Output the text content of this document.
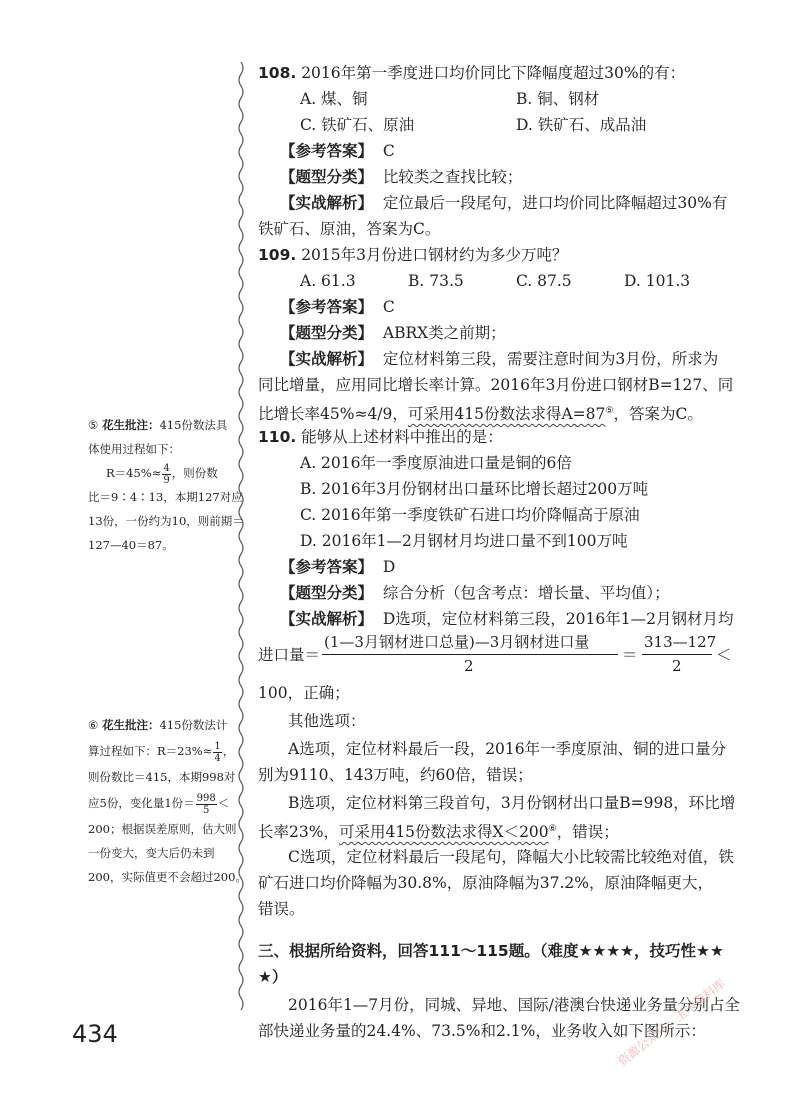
108. 2016年第一季度进口均价同比下降幅度超过30%的有：
A. 煤、铜	B. 铜、钢材
C. 铁矿石、原油	D. 铁矿石、成品油
【参考答案】 C
【题型分类】 比较类之查找比较；
【实战解析】 定位最后一段尾句，进口均价同比降幅超过30%有
铁矿石、原油，答案为C。
109. 2015年3月份进口钢材约为多少万吨？
A. 61.3	B. 73.5	C. 87.5	D. 101.3
【参考答案】 C
【题型分类】 ABRX类之前期；
【实战解析】 定位材料第三段，需要注意时间为3月份，所求为
同比增量，应用同比增长率计算。2016年3月份进口钢材B=127、同
比增长率45%≈4/9，可采用415份数法求得A=87⑤，答案为C。
110. 能够从上述材料中推出的是：
A. 2016年一季度原油进口量是铜的6倍
B. 2016年3月份钢材出口量环比增长超过200万吨
C. 2016年第一季度铁矿石进口均价降幅高于原油
D. 2016年1—2月钢材月均进口量不到100万吨
【参考答案】 D
【题型分类】 综合分析（包含考点：增长量、平均值）；
【实战解析】 D选项，定位材料第三段，2016年1—2月钢材月均
进口量＝
(1—3月钢材进口总量)—3月钢材进口量
2
＝
313—127
2
＜
100，正确；
其他选项：
A选项，定位材料最后一段，2016年一季度原油、铜的进口量分
别为9110、143万吨，约60倍，错误；
B选项，定位材料第三段首句，3月份钢材出口量B=998，环比增
长率23%，可采用415份数法求得X＜200⑥，错误；
C选项，定位材料最后一段尾句，降幅大小比较需比较绝对值，铁
矿石进口均价降幅为30.8%，原油降幅为37.2%，原油降幅更大，
错误。
三、根据所给资料，回答111～115题。（难度★★★★，技巧性★★
★）
2016年1—7月份，同城、异地、国际/港澳台快递业务量分别占全
部快递业务量的24.4%、73.5%和2.1%，业务收入如下图所示：
⑤ 花生批注：415份数法具
体使用过程如下：
$R=45\%\approx \frac{4}{9}$ ，则份数
比＝9∶4∶13，本期127对应
13份，一份约为10，则前期＝
127—40＝87。
⑥ 花生批注：415份数法计
算过程如下：$R=23\%\approx \frac{1}{4}$ ，
则份数比＝415，本期998对
应5份，变化量1份＝ $\frac{998}{5}$ ＜
200；根据误差原则，估大则
一份变大，变大后仍未到
200，实际值更不会超过200。
434	资源公众号：玉米资料库
